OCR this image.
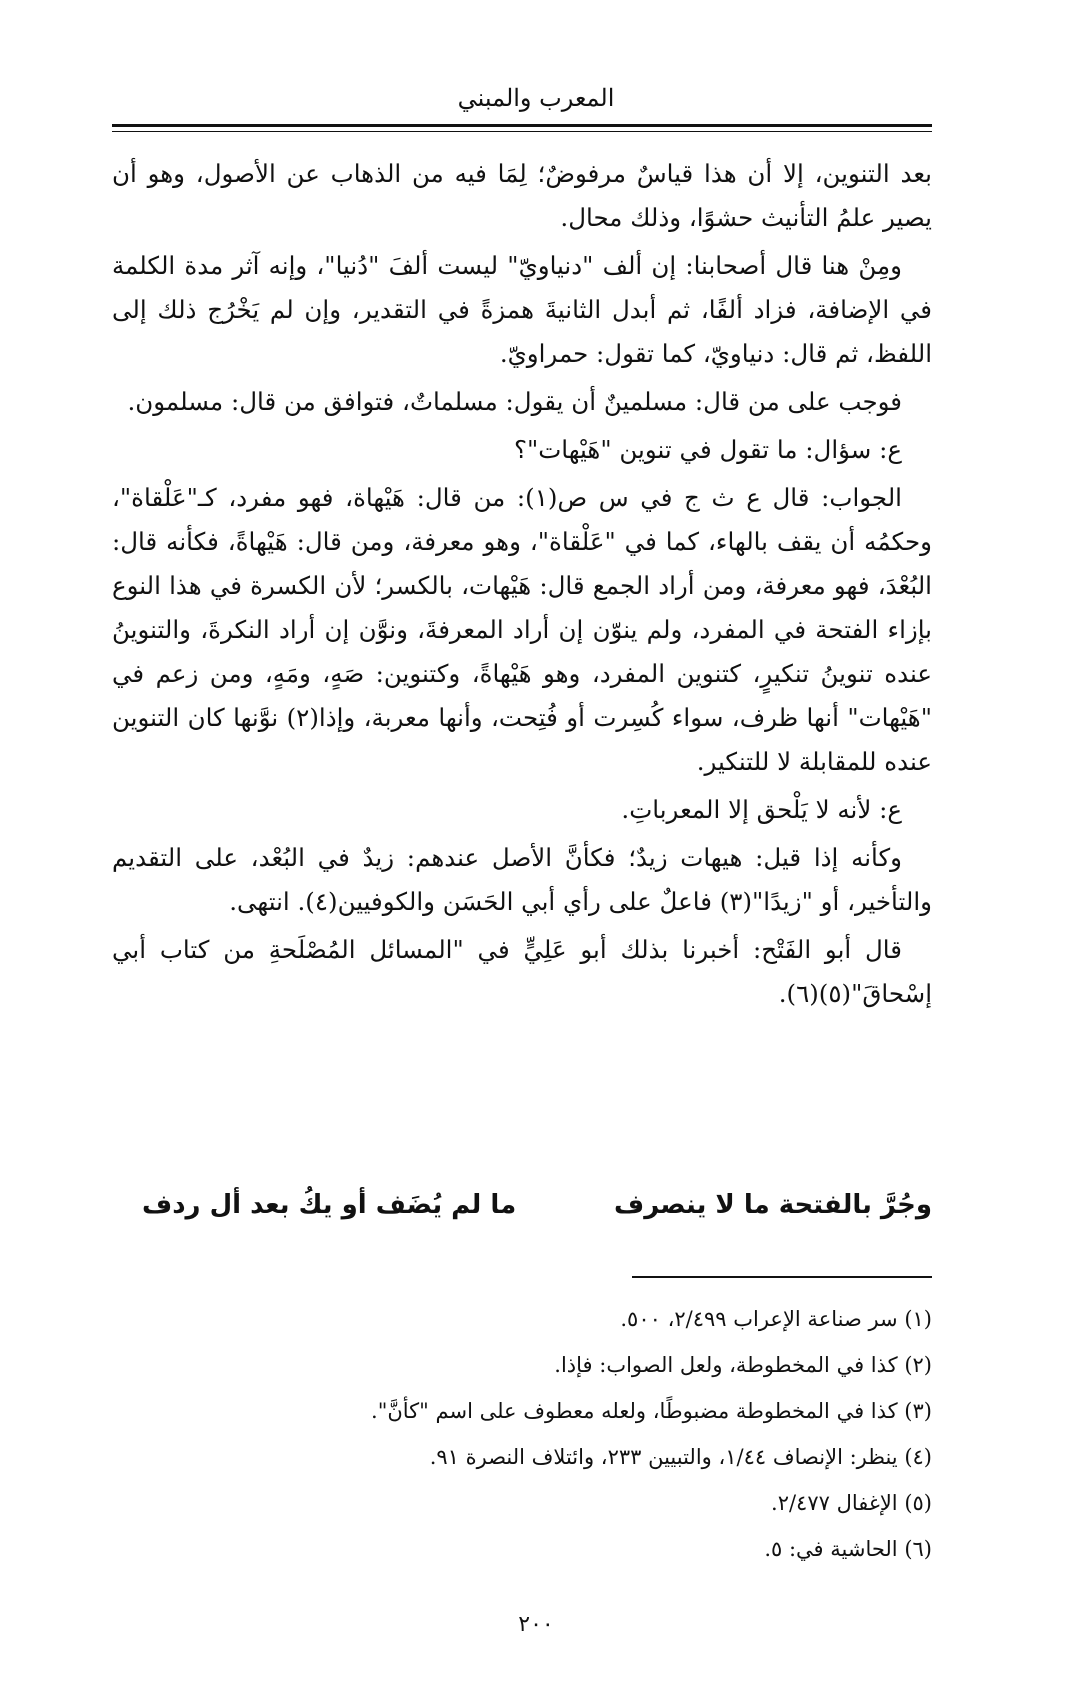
المعرب والمبني

بعد التنوين، إلا أن هذا قياسٌ مرفوضٌ؛ لِمَا فيه من الذهاب عن الأصول، وهو أن يصير علمُ التأنيث حشوًا، وذلك محال.

ومِنْ هنا قال أصحابنا: إن ألف "دنياويّ" ليست ألفَ "دُنيا"، وإنه آثر مدة الكلمة في الإضافة، فزاد ألفًا، ثم أبدل الثانيةَ همزةً في التقدير، وإن لم يَخْرُج ذلك إلى اللفظ، ثم قال: دنياويّ، كما تقول: حمراويّ.

فوجب على من قال: مسلمينٌ أن يقول: مسلماتٌ، فتوافق من قال: مسلمون.

ع: سؤال: ما تقول في تنوين "هَيْهات"؟

الجواب: قال ع ث ج في س ص(١): من قال: هَيْهاة، فهو مفرد، كـ"عَلْقاة"، وحكمُه أن يقف بالهاء، كما في "عَلْقاة"، وهو معرفة، ومن قال: هَيْهاةً، فكأنه قال: البُعْدَ، فهو معرفة، ومن أراد الجمع قال: هَيْهات، بالكسر؛ لأن الكسرة في هذا النوع بإزاء الفتحة في المفرد، ولم ينوّن إن أراد المعرفةَ، ونوَّن إن أراد النكرةَ، والتنوينُ عنده تنوينُ تنكيرٍ، كتنوين المفرد، وهو هَيْهاةً، وكتنوين: صَهٍ، ومَهٍ، ومن زعم في "هَيْهات" أنها ظرف، سواء كُسِرت أو فُتِحت، وأنها معربة، وإذا(٢) نوَّنها كان التنوين عنده للمقابلة لا للتنكير.

ع: لأنه لا يَلْحق إلا المعرباتِ.

وكأنه إذا قيل: هيهات زيدٌ؛ فكأنَّ الأصل عندهم: زيدٌ في البُعْد، على التقديم والتأخير، أو "زيدًا"(٣) فاعلٌ على رأي أبي الحَسَن والكوفيين(٤). انتهى.

قال أبو الفَتْح: أخبرنا بذلك أبو عَلِيٍّ في "المسائل المُصْلَحةِ من كتاب أبي إسْحاقَ"(٥)(٦).

وجُرَّ بالفتحة ما لا ينصرف
ما لم يُضَف أو يكُ بعد أل ردف
(١) سر صناعة الإعراب ٢/٤٩٩، ٥٠٠.
(٢) كذا في المخطوطة، ولعل الصواب: فإذا.
(٣) كذا في المخطوطة مضبوطًا، ولعله معطوف على اسم "كأنَّ".
(٤) ينظر: الإنصاف ١/٤٤، والتبيين ٢٣٣، وائتلاف النصرة ٩١.
(٥) الإغفال ٢/٤٧٧.
(٦) الحاشية في: ٥.
٢٠٠
